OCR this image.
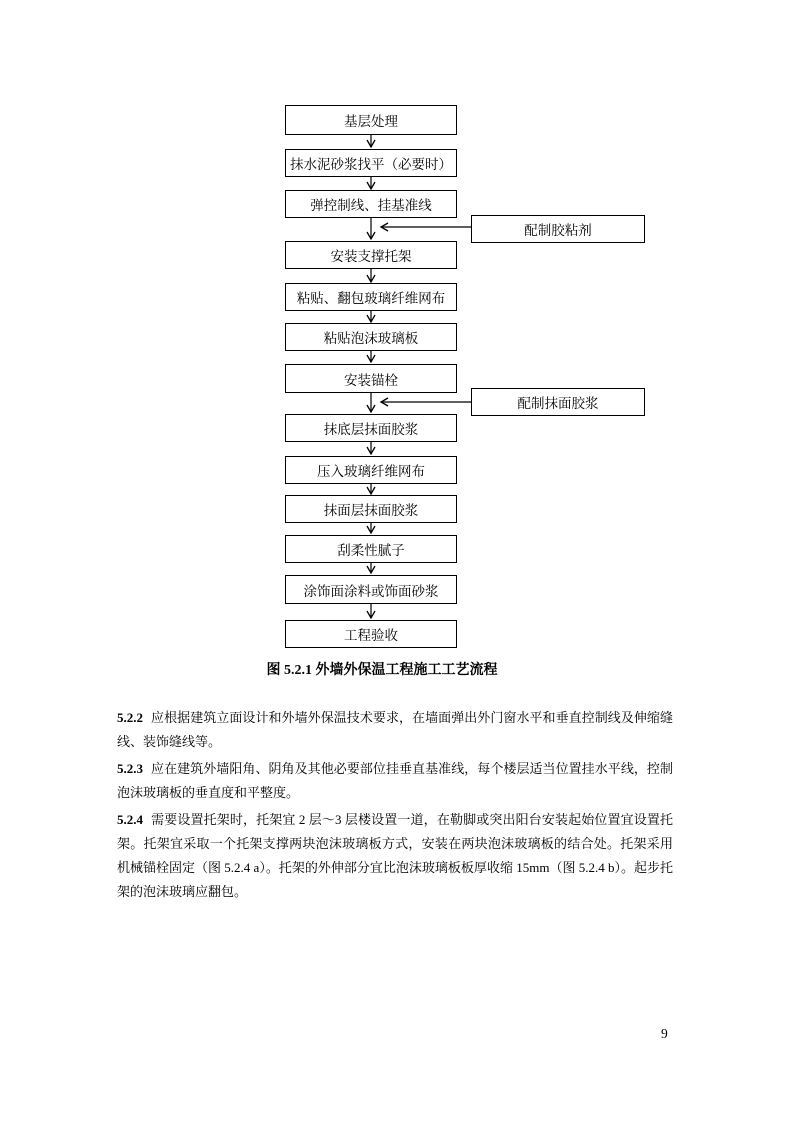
基层处理
抹水泥砂浆找平（必要时）
弹控制线、挂基准线
安装支撑托架
粘贴、翻包玻璃纤维网布
粘贴泡沫玻璃板
安装锚栓
抹底层抹面胶浆
压入玻璃纤维网布
抹面层抹面胶浆
刮柔性腻子
涂饰面涂料或饰面砂浆
工程验收
配制胶粘剂
配制抹面胶浆
图 5.2.1 外墙外保温工程施工工艺流程

5.2.2 应根据建筑立面设计和外墙外保温技术要求，在墙面弹出外门窗水平和垂直控制线及伸缩缝线、装饰缝线等。

5.2.3 应在建筑外墙阳角、阴角及其他必要部位挂垂直基准线，每个楼层适当位置挂水平线，控制泡沫玻璃板的垂直度和平整度。

5.2.4 需要设置托架时，托架宜 2 层～3 层楼设置一道，在勒脚或突出阳台安装起始位置宜设置托架。托架宜采取一个托架支撑两块泡沫玻璃板方式，安装在两块泡沫玻璃板的结合处。托架采用机械锚栓固定（图 5.2.4 a）。托架的外伸部分宜比泡沫玻璃板板厚收缩 15mm（图 5.2.4 b）。起步托架的泡沫玻璃应翻包。

9
